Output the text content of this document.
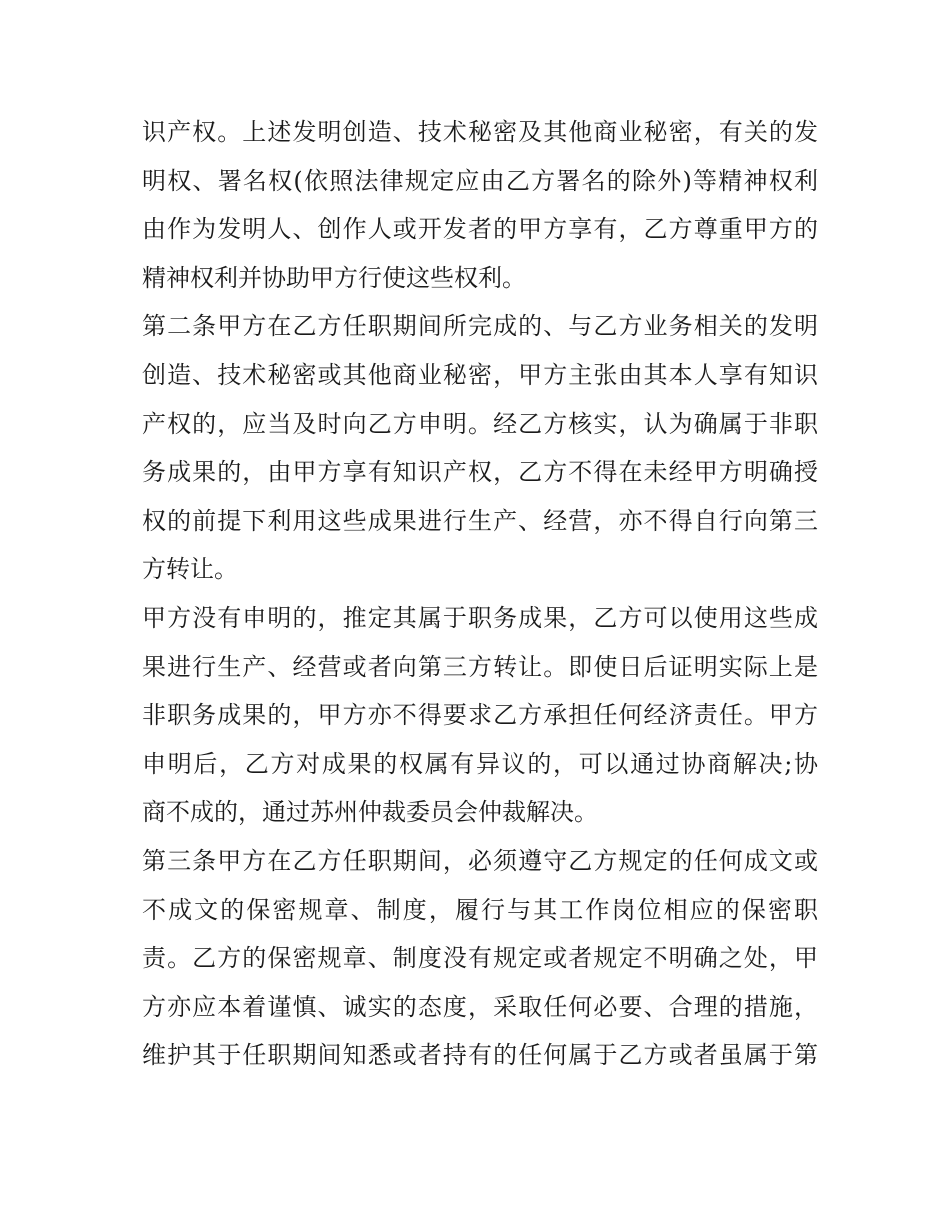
识产权。上述发明创造、技术秘密及其他商业秘密，有关的发
明权、署名权(依照法律规定应由乙方署名的除外)等精神权利
由作为发明人、创作人或开发者的甲方享有，乙方尊重甲方的
精神权利并协助甲方行使这些权利。
第二条甲方在乙方任职期间所完成的、与乙方业务相关的发明
创造、技术秘密或其他商业秘密，甲方主张由其本人享有知识
产权的，应当及时向乙方申明。经乙方核实，认为确属于非职
务成果的，由甲方享有知识产权，乙方不得在未经甲方明确授
权的前提下利用这些成果进行生产、经营，亦不得自行向第三
方转让。
甲方没有申明的，推定其属于职务成果，乙方可以使用这些成
果进行生产、经营或者向第三方转让。即使日后证明实际上是
非职务成果的，甲方亦不得要求乙方承担任何经济责任。甲方
申明后，乙方对成果的权属有异议的，可以通过协商解决;协
商不成的，通过苏州仲裁委员会仲裁解决。
第三条甲方在乙方任职期间，必须遵守乙方规定的任何成文或
不成文的保密规章、制度，履行与其工作岗位相应的保密职
责。乙方的保密规章、制度没有规定或者规定不明确之处，甲
方亦应本着谨慎、诚实的态度，采取任何必要、合理的措施，
维护其于任职期间知悉或者持有的任何属于乙方或者虽属于第
